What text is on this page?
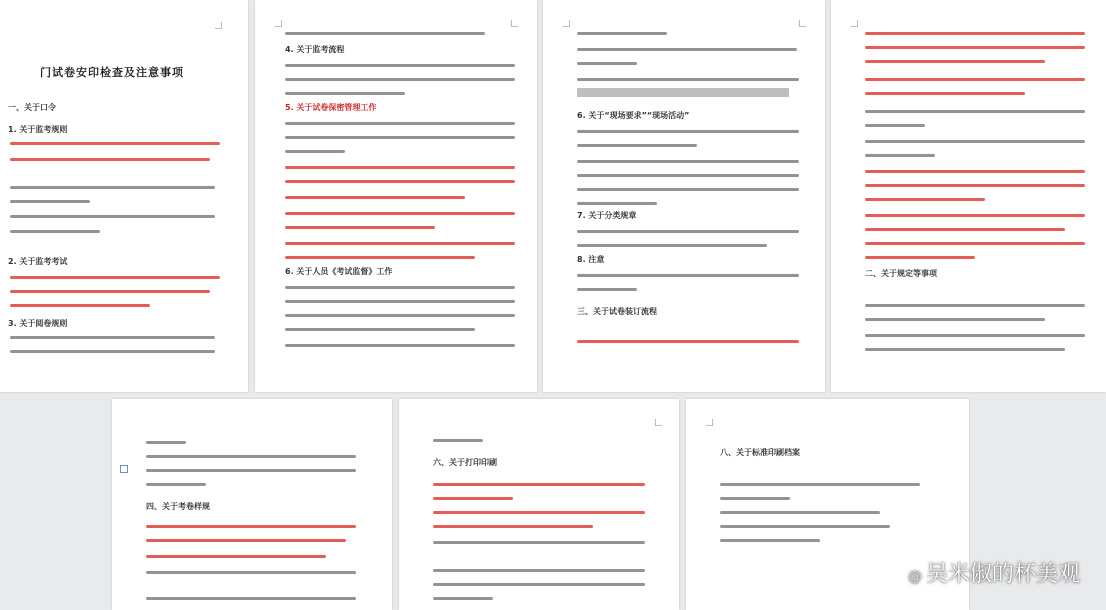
门试卷安印检查及注意事项
一、关于口令
1. 关于监考规则
2. 关于监考考试
3. 关于阅卷规则
4. 关于监考流程
5. 关于试卷保密管理工作
6. 关于人员《考试监督》工作
6. 关于“现场要求”“现场活动”
7. 关于分类规章
8. 注意
三、关于试卷装订流程
二、关于规定等事项
四、关于考卷样规
六、关于打印印刷
八、关于标准印刷档案
@ 吴米俶的杯美观
